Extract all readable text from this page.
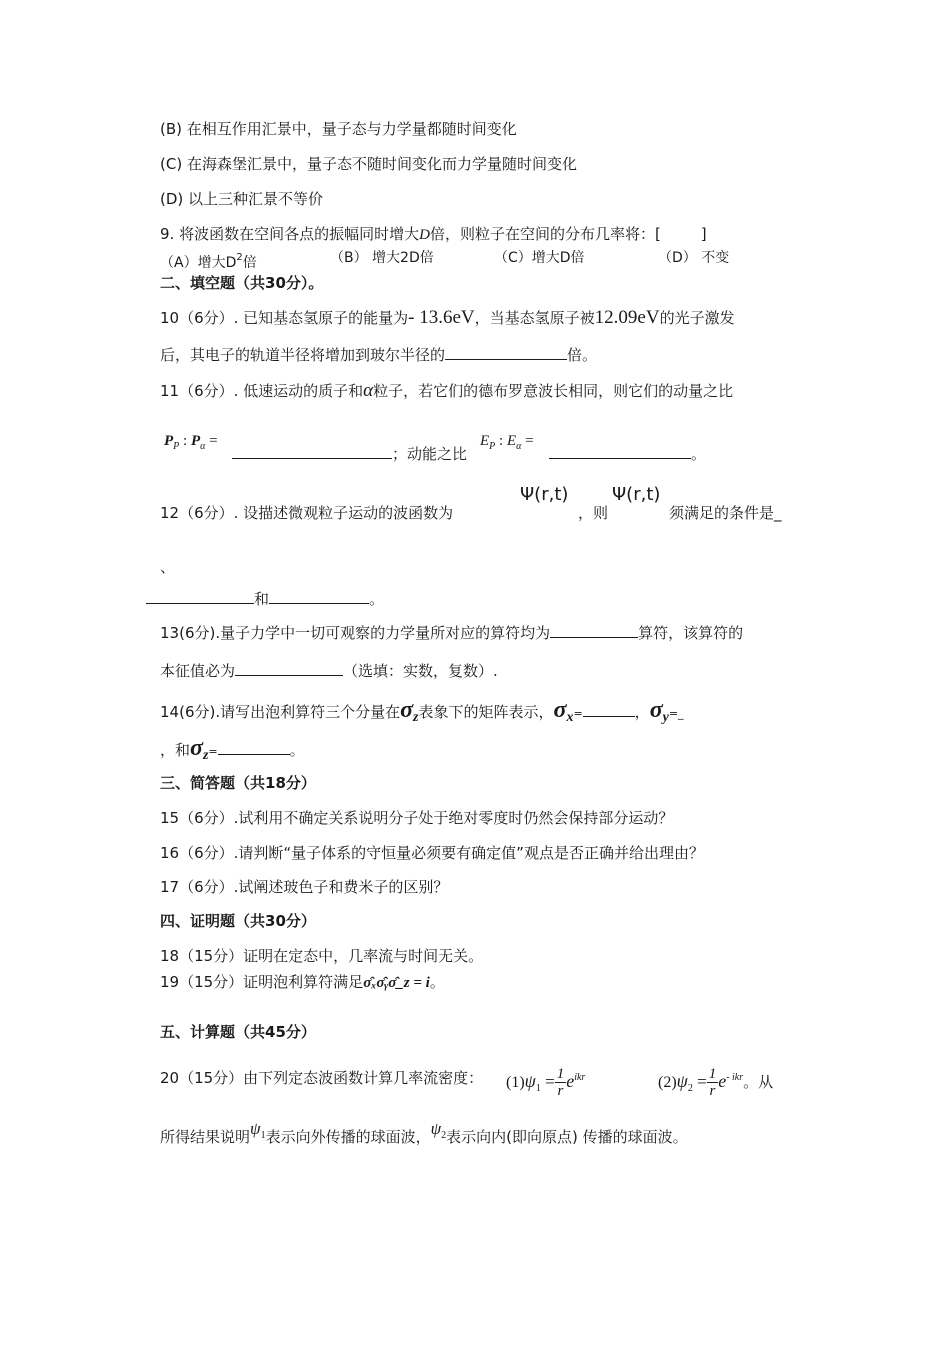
(B) 在相互作用汇景中，量子态与力学量都随时间变化
(C) 在海森堡汇景中，量子态不随时间变化而力学量随时间变化
(D) 以上三种汇景不等价
9. 将波函数在空间各点的振幅同时增大D倍，则粒子在空间的分布几率将：[	]
（A）增大$D^2$倍	（B） 增大2D倍	（C）增大D倍	（D） 不变
二、填空题（共30分）。
10（6分）. 已知基态氢原子的能量为- 13.6eV，当基态氢原子被12.09eV的光子激发
后，其电子的轨道半径将增加到玻尔半径的	倍。
11（6分）. 低速运动的质子和α粒子，若它们的德布罗意波长相同，则它们的动量之比
$P_P$ : $P_\alpha$ =
；动能之比
$E_P$ : $E_\alpha$ =
。
Ψ(r,t) Ψ(r,t)
12（6分）. 设描述微观粒子运动的波函数为	，则	须满足的条件是_
、
和	。
13(6分).量子力学中一切可观察的力学量所对应的算符均为	算符，该算符的
本征值必为	（选填：实数，复数）.
14(6分).请写出泡利算符三个分量在σz表象下的矩阵表示，σx=	，σy=_
，和σz=	。
三、简答题（共18分）
15（6分）.试利用不确定关系说明分子处于绝对零度时仍然会保持部分运动？
16（6分）.请判断“量子体系的守恒量必须要有确定值”观点是否正确并给出理由？
17（6分）.试阐述玻色子和费米子的区别？
四、证明题（共30分）
18（15分）证明在定态中，几率流与时间无关。
19（15分）证明泡利算符满足σ̂ₓσ̂ᵧσ̂_z = i。
五、计算题（共45分）
20（15分）由下列定态波函数计算几率流密度： $(1)\psi_1 = \frac{1}{r} e^{ikr}$	$(2)\psi_2 = \frac{1}{r} e^{- ikr}$。从
所得结果说明$\psi^1$表示向外传播的球面波，$\psi^2$表示向内(即向原点) 传播的球面波。
